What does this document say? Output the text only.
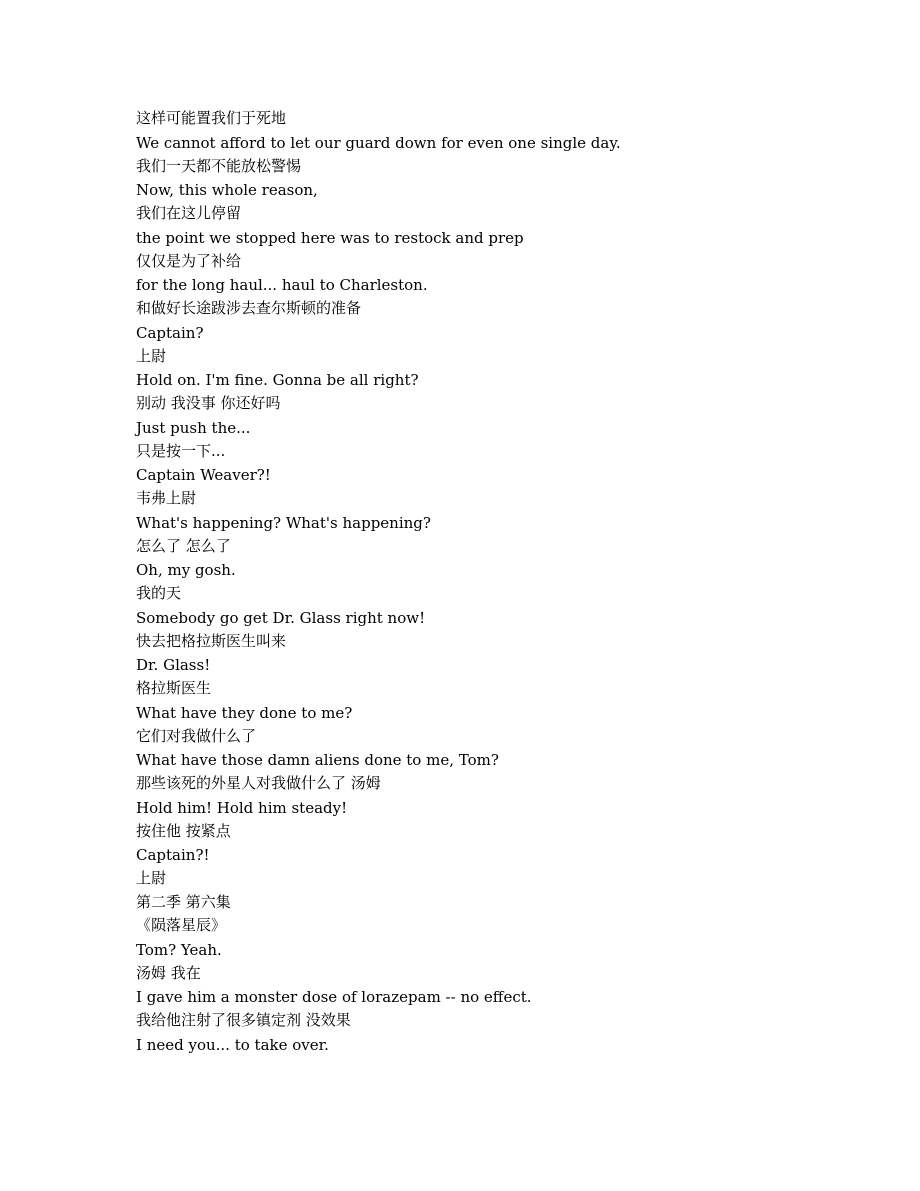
这样可能置我们于死地

We cannot afford to let our guard down for even one single day.

我们一天都不能放松警惕

Now, this whole reason,

我们在这儿停留

the point we stopped here was to restock and prep

仅仅是为了补给

for the long haul... haul to Charleston.

和做好长途跋涉去查尔斯顿的准备

Captain?

上尉

Hold on. I'm fine. Gonna be all right?

别动 我没事 你还好吗

Just push the...

只是按一下...

Captain Weaver?!

韦弗上尉

What's happening? What's happening?

怎么了 怎么了

Oh, my gosh.

我的天

Somebody go get Dr. Glass right now!

快去把格拉斯医生叫来

Dr. Glass!

格拉斯医生

What have they done to me?

它们对我做什么了

What have those damn aliens done to me, Tom?

那些该死的外星人对我做什么了 汤姆

Hold him! Hold him steady!

按住他 按紧点

Captain?!

上尉

第二季 第六集

《陨落星辰》

Tom? Yeah.

汤姆 我在

I gave him a monster dose of lorazepam -- no effect.

我给他注射了很多镇定剂 没效果

I need you... to take over.
